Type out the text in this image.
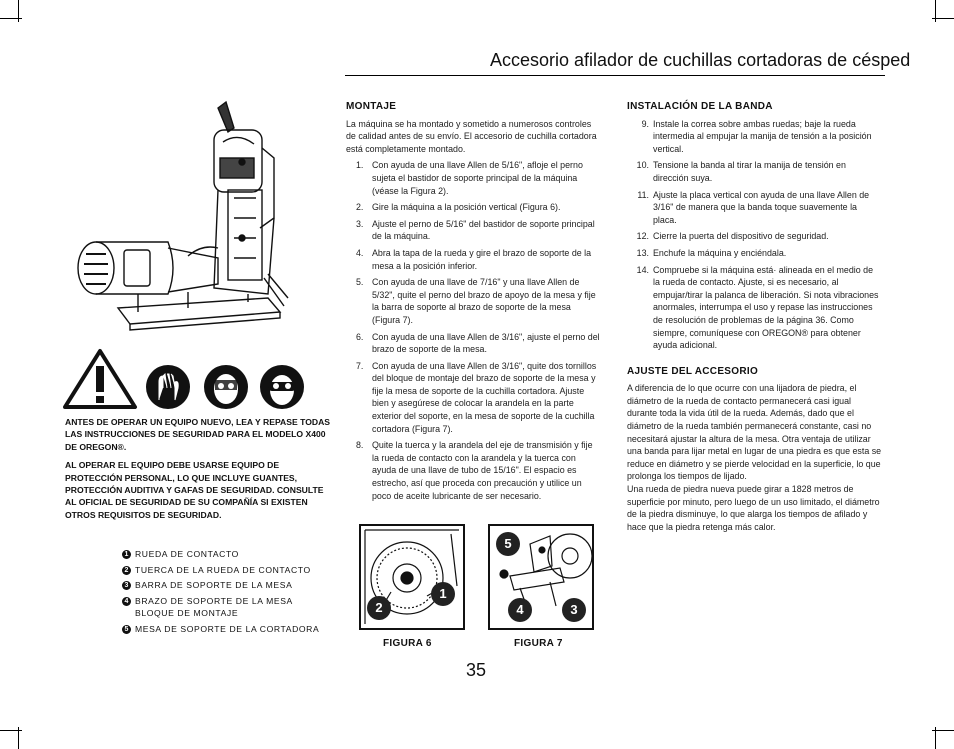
Accesorio afilador de cuchillas cortadoras de césped

ANTES DE OPERAR UN EQUIPO NUEVO, LEA Y REPASE TODAS LAS INSTRUCCIONES DE SEGURIDAD PARA EL MODELO X400 DE OREGON®.

AL OPERAR EL EQUIPO DEBE USARSE EQUIPO DE PROTECCIÓN PERSONAL, LO QUE INCLUYE GUANTES, PROTECCIÓN AUDITIVA Y GAFAS DE SEGURIDAD. CONSULTE AL OFICIAL DE SEGURIDAD DE SU COMPAÑÍA SI EXISTEN OTROS REQUISITOS DE SEGURIDAD.

1 RUEDA DE CONTACTO
2 TUERCA DE LA RUEDA DE CONTACTO
3 BARRA DE SOPORTE DE LA MESA
4 BRAZO DE SOPORTE DE LA MESA BLOQUE DE MONTAJE
5 MESA DE SOPORTE DE LA CORTADORA
MONTAJE

La máquina se ha montado y sometido a numerosos controles de calidad antes de su envío. El accesorio de cuchilla cortadora está completamente montado.

1. Con ayuda de una llave Allen de 5/16", afloje el perno sujeta el bastidor de soporte principal de la máquina (véase la Figura 2).
2. Gire la máquina a la posición vertical (Figura 6).
3. Ajuste el perno de 5/16" del bastidor de soporte principal de la máquina.
4. Abra la tapa de la rueda y gire el brazo de soporte de la mesa a la posición inferior.
5. Con ayuda de una llave de 7/16" y una llave Allen de 5/32", quite el perno del brazo de apoyo de la mesa y fije la barra de soporte al brazo de soporte de la mesa (Figura 7).
6. Con ayuda de una llave Allen de 3/16", ajuste el perno del brazo de soporte de la mesa.
7. Con ayuda de una llave Allen de 3/16", quite dos tornillos del bloque de montaje del brazo de soporte de la mesa y fije la mesa de soporte de la cuchilla cortadora. Ajuste bien y asegúrese de colocar la arandela en la parte exterior del soporte, en la mesa de soporte de la cuchilla cortadora (Figura 7).
8. Quite la tuerca y la arandela del eje de transmisión y fije la rueda de contacto con la arandela y la tuerca con ayuda de una llave de tubo de 15/16". El espacio es estrecho, así que proceda con precaución y utilice un poco de aceite lubricante de ser necesario.
INSTALACIÓN DE LA BANDA
9. Instale la correa sobre ambas ruedas; baje la rueda intermedia al empujar la manija de tensión a la posición vertical.
10. Tensione la banda al tirar la manija de tensión en dirección suya.
11. Ajuste la placa vertical con ayuda de una llave Allen de 3/16" de manera que la banda toque suavemente la placa.
12. Cierre la puerta del dispositivo de seguridad.
13. Enchufe la máquina y enciéndala.
14. Compruebe si la máquina está· alineada en el medio de la rueda de contacto. Ajuste, si es necesario, al empujar/tirar la palanca de liberación. Si nota vibraciones anormales, interrumpa el uso y repase las instrucciones de resolución de problemas de la página 36. Como siempre, comuníquese con OREGON® para obtener ayuda adicional.
AJUSTE DEL ACCESORIO

A diferencia de lo que ocurre con una lijadora de piedra, el diámetro de la rueda de contacto permanecerá casi igual durante toda la vida útil de la rueda. Además, dado que el diámetro de la rueda también permanecerá constante, casi no necesitará ajustar la altura de la mesa. Otra ventaja de utilizar una banda para lijar metal en lugar de una piedra es que esta se reduce en diámetro y se pierde velocidad en la superficie, lo que prolonga los tiempos de lijado.

Una rueda de piedra nueva puede girar a 1828 metros de superficie por minuto, pero luego de un uso limitado, el diámetro de la piedra disminuye, lo que alarga los tiempos de afilado y hace que la piedra retenga más calor.

1
2
FIGURA 6
5
4	3
FIGURA 7
35
